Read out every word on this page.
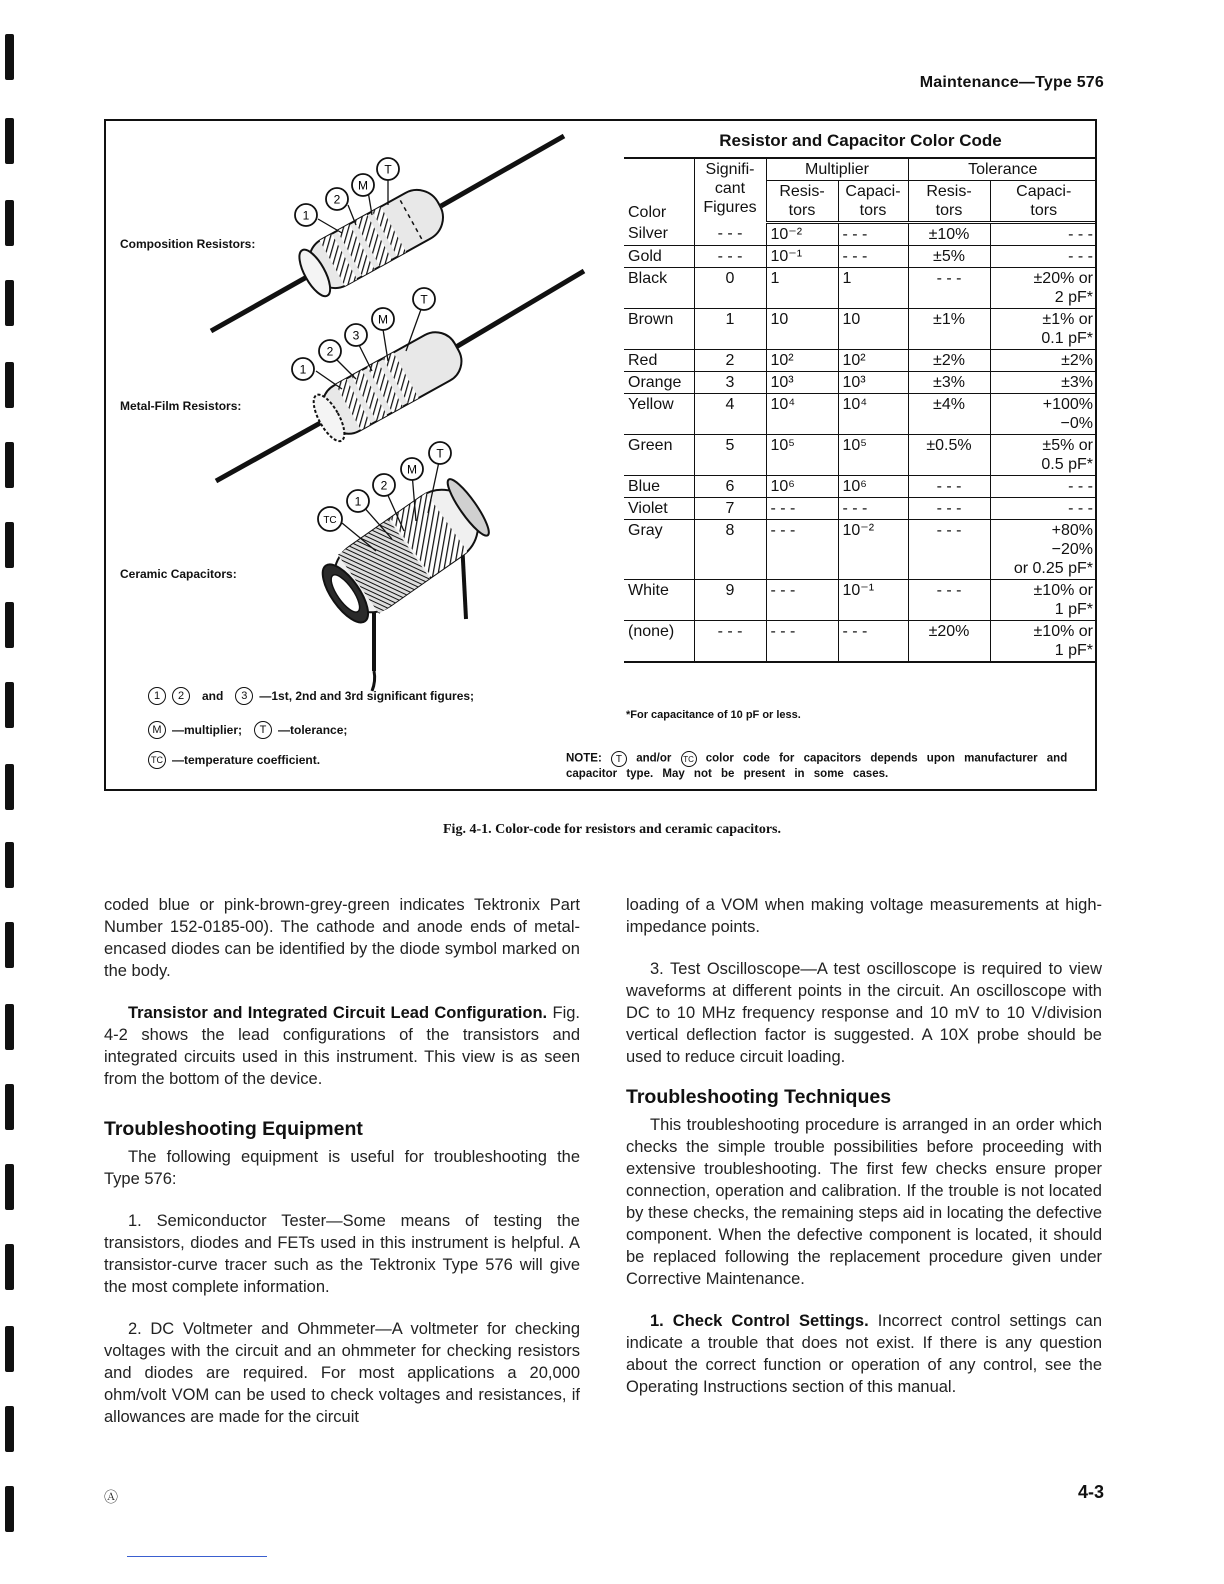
Maintenance—Type 576
1
2
M
T
1
2
3
M
T
TC
1
2
M
T
Composition Resistors:
Metal-Film Resistors:
Ceramic Capacitors:
1	2	and	3 —1st, 2nd and 3rd significant figures;
M —multiplier;	T —tolerance;
TC —temperature coefficient.
Resistor and Capacitor Color Code
Color	Signifi-
cant
Figures	Multiplier		Tolerance	
		Resis-
tors	Capaci-
tors	Resis-
tors	Capaci-
tors
Silver	- - -	10⁻²	- - -	±10%	- - -
Gold	- - -	10⁻¹	- - -	±5%	- - -
Black	0	1	1	- - -	±20% or
2 pF*
Brown	1	10	10	±1%	±1% or
0.1 pF*
Red	2	10²	10²	±2%	±2%
Orange	3	10³	10³	±3%	±3%
Yellow	4	10⁴	10⁴	±4%	+100%
−0%
Green	5	10⁵	10⁵	±0.5%	±5% or
0.5 pF*
Blue	6	10⁶	10⁶	- - -	- - -
Violet	7	- - -	- - -	- - -	- - -
Gray	8	- - -	10⁻²	- - -	+80%
−20%
or 0.25 pF*
White	9	- - -	10⁻¹	- - -	±10% or
1 pF*
(none)	- - -	- - -	- - -	±20%	±10% or
1 pF*
*For capacitance of 10 pF or less.
NOTE: T and/or TC color code for capacitors depends upon manufacturer and capacitor type. May not be present in some cases.
Fig. 4-1. Color-code for resistors and ceramic capacitors.

coded blue or pink-brown-grey-green indicates Tektronix Part Number 152-0185-00). The cathode and anode ends of metal-encased diodes can be identified by the diode symbol marked on the body.

Transistor and Integrated Circuit Lead Configuration. Fig. 4-2 shows the lead configurations of the transistors and integrated circuits used in this instrument. This view is as seen from the bottom of the device.

Troubleshooting Equipment

The following equipment is useful for troubleshooting the Type 576:

1. Semiconductor Tester—Some means of testing the transistors, diodes and FETs used in this instrument is helpful. A transistor-curve tracer such as the Tektronix Type 576 will give the most complete information.

2. DC Voltmeter and Ohmmeter—A voltmeter for checking voltages with the circuit and an ohmmeter for checking resistors and diodes are required. For most applications a 20,000 ohm/volt VOM can be used to check voltages and resistances, if allowances are made for the circuit

loading of a VOM when making voltage measurements at high-impedance points.

3. Test Oscilloscope—A test oscilloscope is required to view waveforms at different points in the circuit. An oscilloscope with DC to 10 MHz frequency response and 10 mV to 10 V/division vertical deflection factor is suggested. A 10X probe should be used to reduce circuit loading.

Troubleshooting Techniques

This troubleshooting procedure is arranged in an order which checks the simple trouble possibilities before proceeding with extensive troubleshooting. The first few checks ensure proper connection, operation and calibration. If the trouble is not located by these checks, the remaining steps aid in locating the defective component. When the defective component is located, it should be replaced following the replacement procedure given under Corrective Maintenance.

1. Check Control Settings. Incorrect control settings can indicate a trouble that does not exist. If there is any question about the correct function or operation of any control, see the Operating Instructions section of this manual.

Ⓐ	4-3
